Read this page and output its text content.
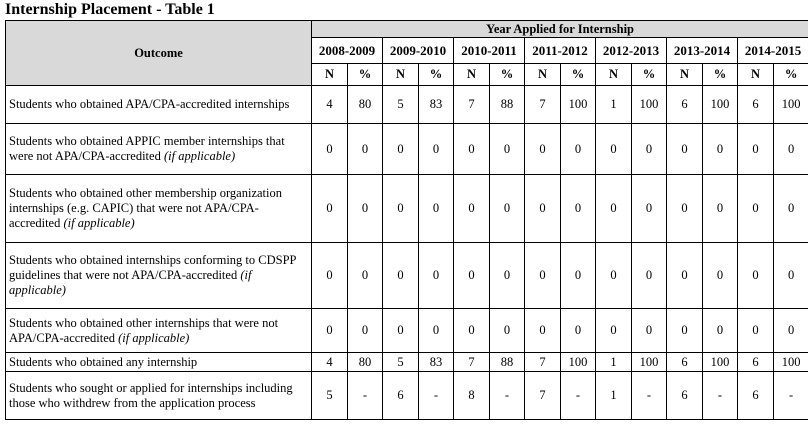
Internship Placement - Table 1
Outcome	Year Applied for Internship													
	2008-2009		2009-2010		2010-2011		2011-2012		2012-2013		2013-2014		2014-2015	
	N	%	N	%	N	%	N	%	N	%	N	%	N	%
Students who obtained APA/CPA-accredited internships	4	80	5	83	7	88	7	100	1	100	6	100	6	100
Students who obtained APPIC member internships that were not APA/CPA-accredited (if applicable)	0	0	0	0	0	0	0	0	0	0	0	0	0	0
Students who obtained other membership organization internships (e.g. CAPIC) that were not APA/CPA-accredited (if applicable)	0	0	0	0	0	0	0	0	0	0	0	0	0	0
Students who obtained internships conforming to CDSPP guidelines that were not APA/CPA-accredited (if applicable)	0	0	0	0	0	0	0	0	0	0	0	0	0	0
Students who obtained other internships that were not APA/CPA-accredited (if applicable)	0	0	0	0	0	0	0	0	0	0	0	0	0	0
Students who obtained any internship	4	80	5	83	7	88	7	100	1	100	6	100	6	100
Students who sought or applied for internships including those who withdrew from the application process	5	-	6	-	8	-	7	-	1	-	6	-	6	-
